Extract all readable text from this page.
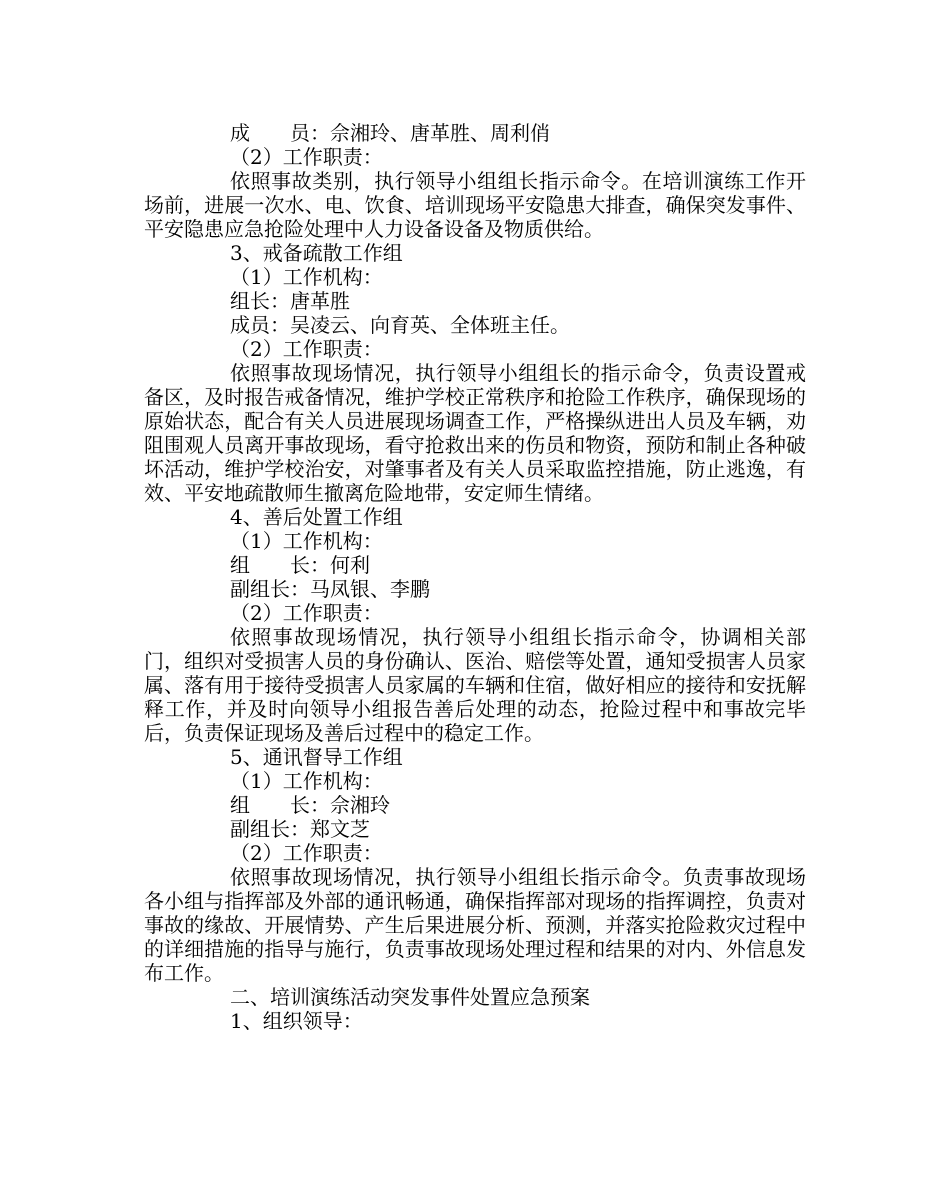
成　　员：佘湘玲、唐革胜、周利俏
（2）工作职责：

依照事故类别，执行领导小组组长指示命令。在培训演练工作开场前，进展一次水、电、饮食、培训现场平安隐患大排查，确保突发事件、平安隐患应急抢险处理中人力设备设备及物质供给。

3、戒备疏散工作组
（1）工作机构：
组长：唐革胜
成员：吴凌云、向育英、全体班主任。
（2）工作职责：

依照事故现场情况，执行领导小组组长的指示命令，负责设置戒备区，及时报告戒备情况，维护学校正常秩序和抢险工作秩序，确保现场的原始状态，配合有关人员进展现场调查工作，严格操纵进出人员及车辆，劝阻围观人员离开事故现场，看守抢救出来的伤员和物资，预防和制止各种破坏活动，维护学校治安，对肇事者及有关人员采取监控措施，防止逃逸，有效、平安地疏散师生撤离危险地带，安定师生情绪。

4、善后处置工作组
（1）工作机构：
组　　长：何利
副组长：马凤银、李鹏
（2）工作职责：

依照事故现场情况，执行领导小组组长指示命令，协调相关部门，组织对受损害人员的身份确认、医治、赔偿等处置，通知受损害人员家属、落有用于接待受损害人员家属的车辆和住宿，做好相应的接待和安抚解释工作，并及时向领导小组报告善后处理的动态，抢险过程中和事故完毕后，负责保证现场及善后过程中的稳定工作。

5、通讯督导工作组
（1）工作机构：
组　　长：佘湘玲
副组长：郑文芝
（2）工作职责：

依照事故现场情况，执行领导小组组长指示命令。负责事故现场各小组与指挥部及外部的通讯畅通，确保指挥部对现场的指挥调控，负责对事故的缘故、开展情势、产生后果进展分析、预测，并落实抢险救灾过程中的详细措施的指导与施行，负责事故现场处理过程和结果的对内、外信息发布工作。

二、培训演练活动突发事件处置应急预案
1、组织领导：
